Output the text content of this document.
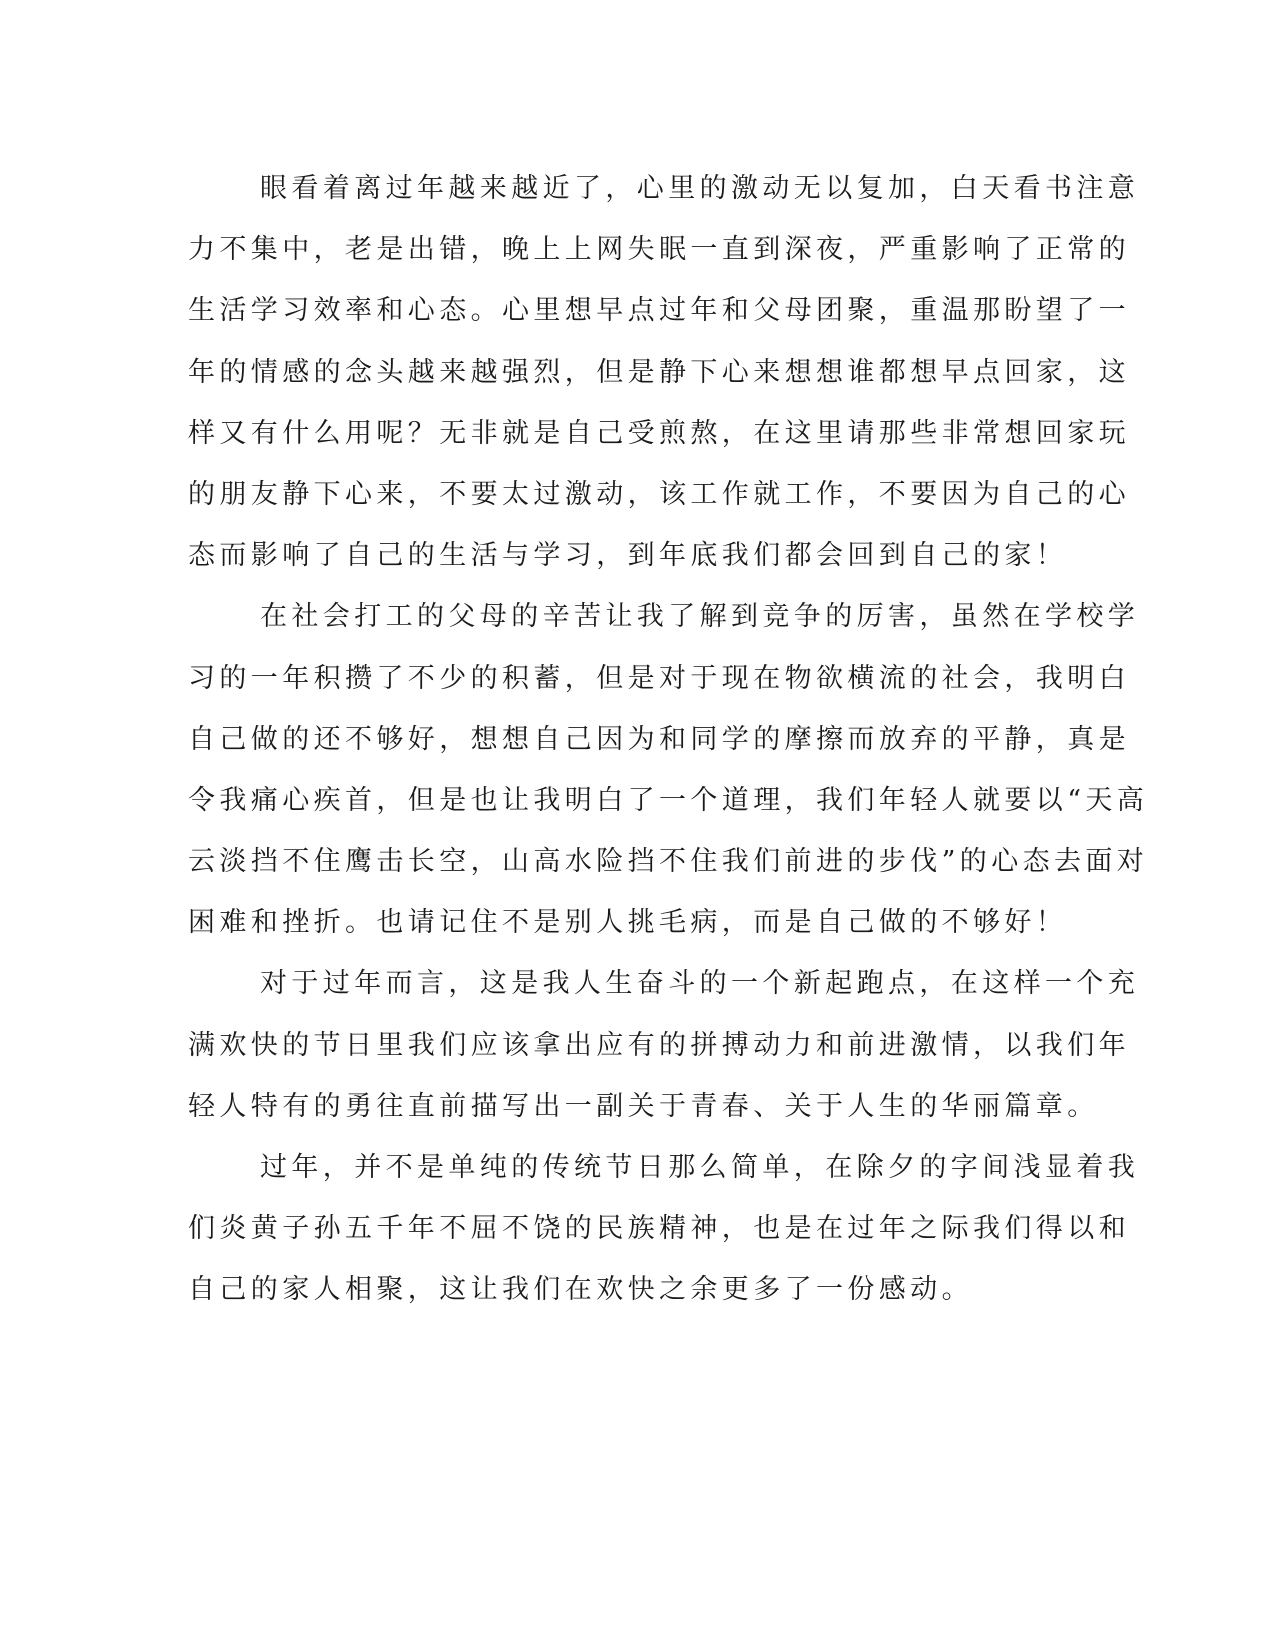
眼看着离过年越来越近了，心里的激动无以复加，白天看书注意
力不集中，老是出错，晚上上网失眠一直到深夜，严重影响了正常的
生活学习效率和心态。心里想早点过年和父母团聚，重温那盼望了一
年的情感的念头越来越强烈，但是静下心来想想谁都想早点回家，这
样又有什么用呢？无非就是自己受煎熬，在这里请那些非常想回家玩
的朋友静下心来，不要太过激动，该工作就工作，不要因为自己的心
态而影响了自己的生活与学习，到年底我们都会回到自己的家！
在社会打工的父母的辛苦让我了解到竞争的厉害，虽然在学校学
习的一年积攒了不少的积蓄，但是对于现在物欲横流的社会，我明白
自己做的还不够好，想想自己因为和同学的摩擦而放弃的平静，真是
令我痛心疾首，但是也让我明白了一个道理，我们年轻人就要以“天高
云淡挡不住鹰击长空，山高水险挡不住我们前进的步伐”的心态去面对
困难和挫折。也请记住不是别人挑毛病，而是自己做的不够好！
对于过年而言，这是我人生奋斗的一个新起跑点，在这样一个充
满欢快的节日里我们应该拿出应有的拼搏动力和前进激情，以我们年
轻人特有的勇往直前描写出一副关于青春、关于人生的华丽篇章。
过年，并不是单纯的传统节日那么简单，在除夕的字间浅显着我
们炎黄子孙五千年不屈不饶的民族精神，也是在过年之际我们得以和
自己的家人相聚，这让我们在欢快之余更多了一份感动。
